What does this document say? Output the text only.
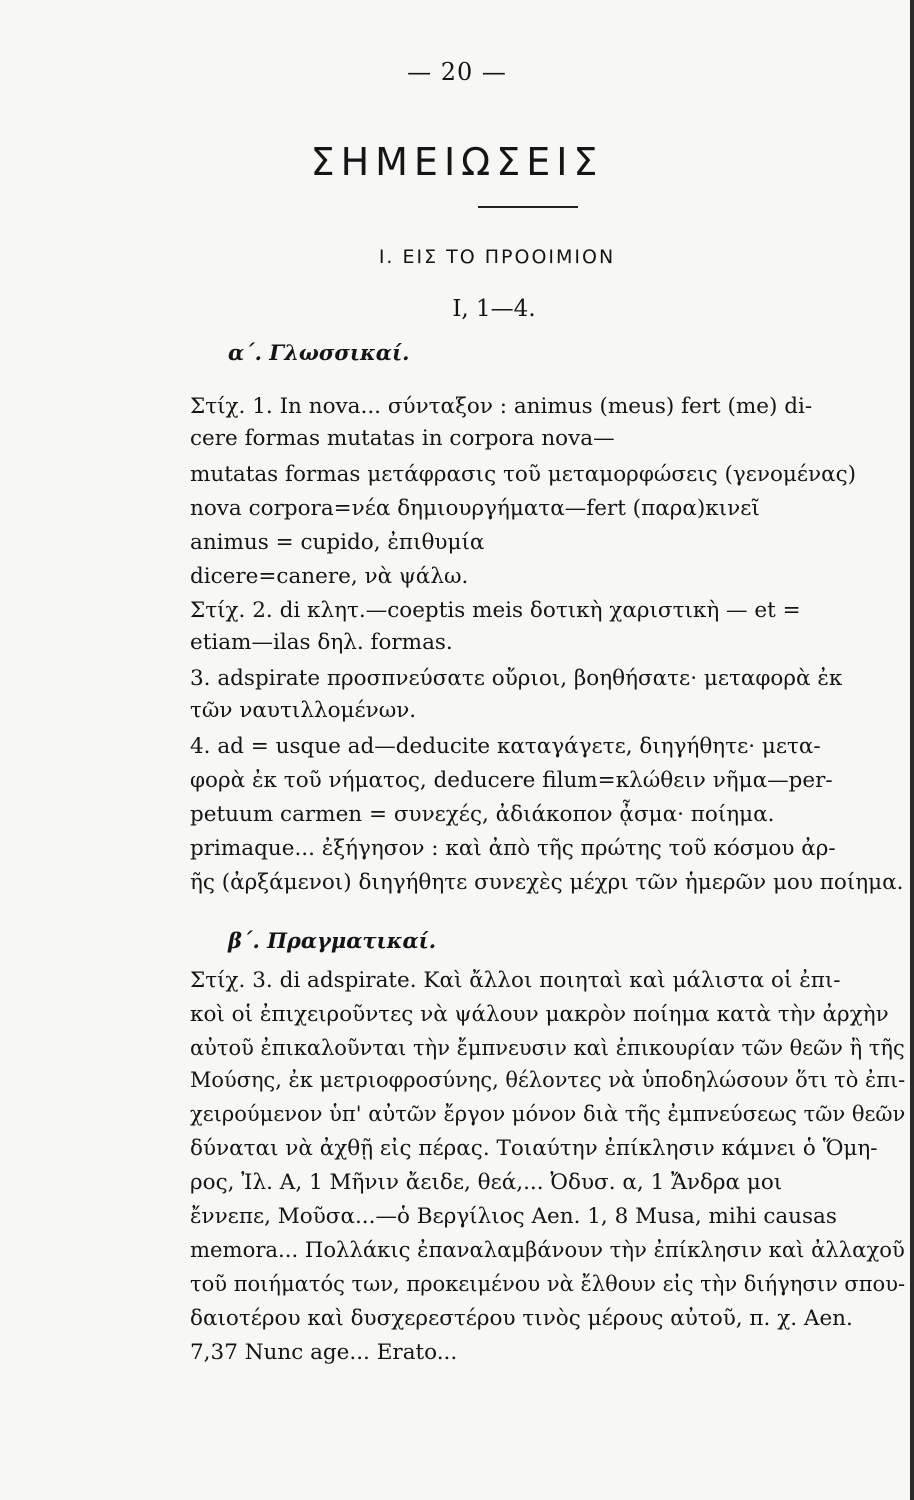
— 20 —
ΣΗΜΕΙΩΣΕΙΣ
I. ΕΙΣ ΤΟ ΠΡΟΟΙΜΙΟΝ
I, 1—4.
α΄. Γλωσσικαί.
Στίχ. 1. In nova... σύνταξον : animus (meus) fert (me) di-
cere formas mutatas in corpora nova—
mutatas formas μετάφρασις τοῦ μεταμορφώσεις (γενομένας)
nova corpora=νέα δημιουργήματα—fert (παρα)κινεῖ
animus = cupido, ἐπιθυμία
dicere=canere, νὰ ψάλω.
Στίχ. 2. di κλητ.—coeptis meis δοτικὴ χαριστικὴ — et =
etiam—ilas δηλ. formas.
3. adspirate προσπνεύσατε οὔριοι, βοηθήσατε· μεταφορὰ ἐκ
τῶν ναυτιλλομένων.
4. ad = usque ad—deducite καταγάγετε, διηγήθητε· μετα-
φορὰ ἐκ τοῦ νήματος, deducere filum=κλώθειν νῆμα—per-
petuum carmen = συνεχές, ἀδιάκοπον ᾆσμα· ποίημα.
primaque... ἐξήγησον : καὶ ἀπὸ τῆς πρώτης τοῦ κόσμου ἀρ-
ῆς (ἀρξάμενοι) διηγήθητε συνεχὲς μέχρι τῶν ἡμερῶν μου ποίημα.
β΄. Πραγματικαί.
Στίχ. 3. di adspirate. Καὶ ἄλλοι ποιηταὶ καὶ μάλιστα οἱ ἐπι-
κοὶ οἱ ἐπιχειροῦντες νὰ ψάλουν μακρὸν ποίημα κατὰ τὴν ἀρχὴν
αὐτοῦ ἐπικαλοῦνται τὴν ἔμπνευσιν καὶ ἐπικουρίαν τῶν θεῶν ἢ τῆς
Μούσης, ἐκ μετριοφροσύνης, θέλοντες νὰ ὑποδηλώσουν ὅτι τὸ ἐπι-
χειρούμενον ὑπ' αὐτῶν ἔργον μόνον διὰ τῆς ἐμπνεύσεως τῶν θεῶν
δύναται νὰ ἀχθῇ εἰς πέρας. Τοιαύτην ἐπίκλησιν κάμνει ὁ Ὅμη-
ρος, Ἰλ. Α, 1 Μῆνιν ἄειδε, θεά,... Ὀδυσ. α, 1 Ἄνδρα μοι
ἔννεπε, Μοῦσα...—ὁ Βεργίλιος Aen. 1, 8 Musa, mihi causas
memora... Πολλάκις ἐπαναλαμβάνουν τὴν ἐπίκλησιν καὶ ἀλλαχοῦ
τοῦ ποιήματός των, προκειμένου νὰ ἔλθουν εἰς τὴν διήγησιν σπου-
δαιοτέρου καὶ δυσχερεστέρου τινὸς μέρους αὐτοῦ, π. χ. Aen.
7,37 Nunc age... Erato...
